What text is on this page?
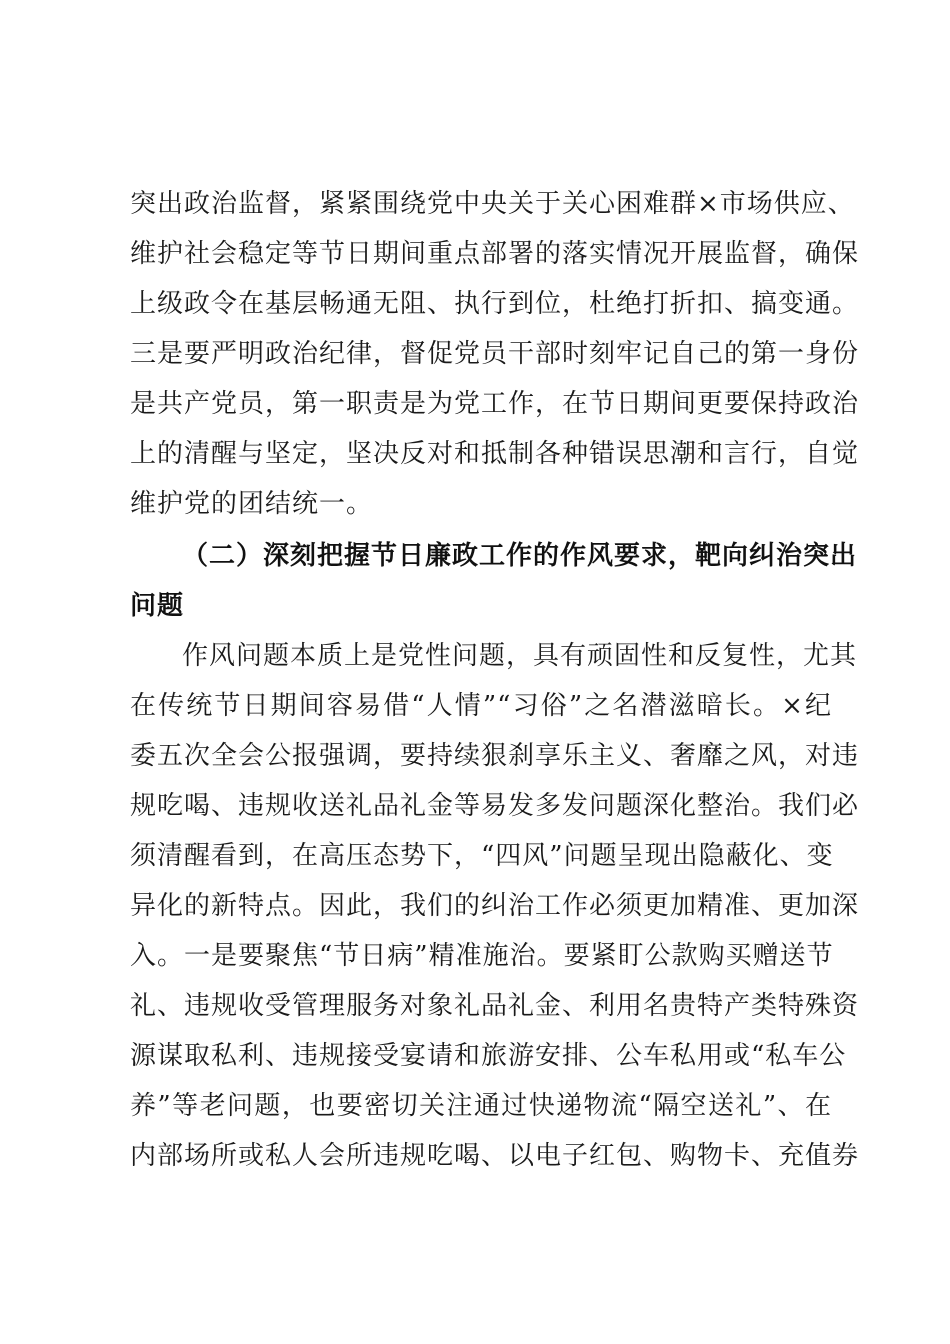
突出政治监督，紧紧围绕党中央关于关心困难群×市场供应、
维护社会稳定等节日期间重点部署的落实情况开展监督，确保
上级政令在基层畅通无阻、执行到位，杜绝打折扣、搞变通。
三是要严明政治纪律，督促党员干部时刻牢记自己的第一身份
是共产党员，第一职责是为党工作，在节日期间更要保持政治
上的清醒与坚定，坚决反对和抵制各种错误思潮和言行，自觉
维护党的团结统一。
（二）深刻把握节日廉政工作的作风要求，靶向纠治突出
问题
作风问题本质上是党性问题，具有顽固性和反复性，尤其
在传统节日期间容易借“人情”“习俗”之名潜滋暗长。×纪
委五次全会公报强调，要持续狠刹享乐主义、奢靡之风，对违
规吃喝、违规收送礼品礼金等易发多发问题深化整治。我们必
须清醒看到，在高压态势下，“四风”问题呈现出隐蔽化、变
异化的新特点。因此，我们的纠治工作必须更加精准、更加深
入。一是要聚焦“节日病”精准施治。要紧盯公款购买赠送节
礼、违规收受管理服务对象礼品礼金、利用名贵特产类特殊资
源谋取私利、违规接受宴请和旅游安排、公车私用或“私车公
养”等老问题，也要密切关注通过快递物流“隔空送礼”、在
内部场所或私人会所违规吃喝、以电子红包、购物卡、充值券
